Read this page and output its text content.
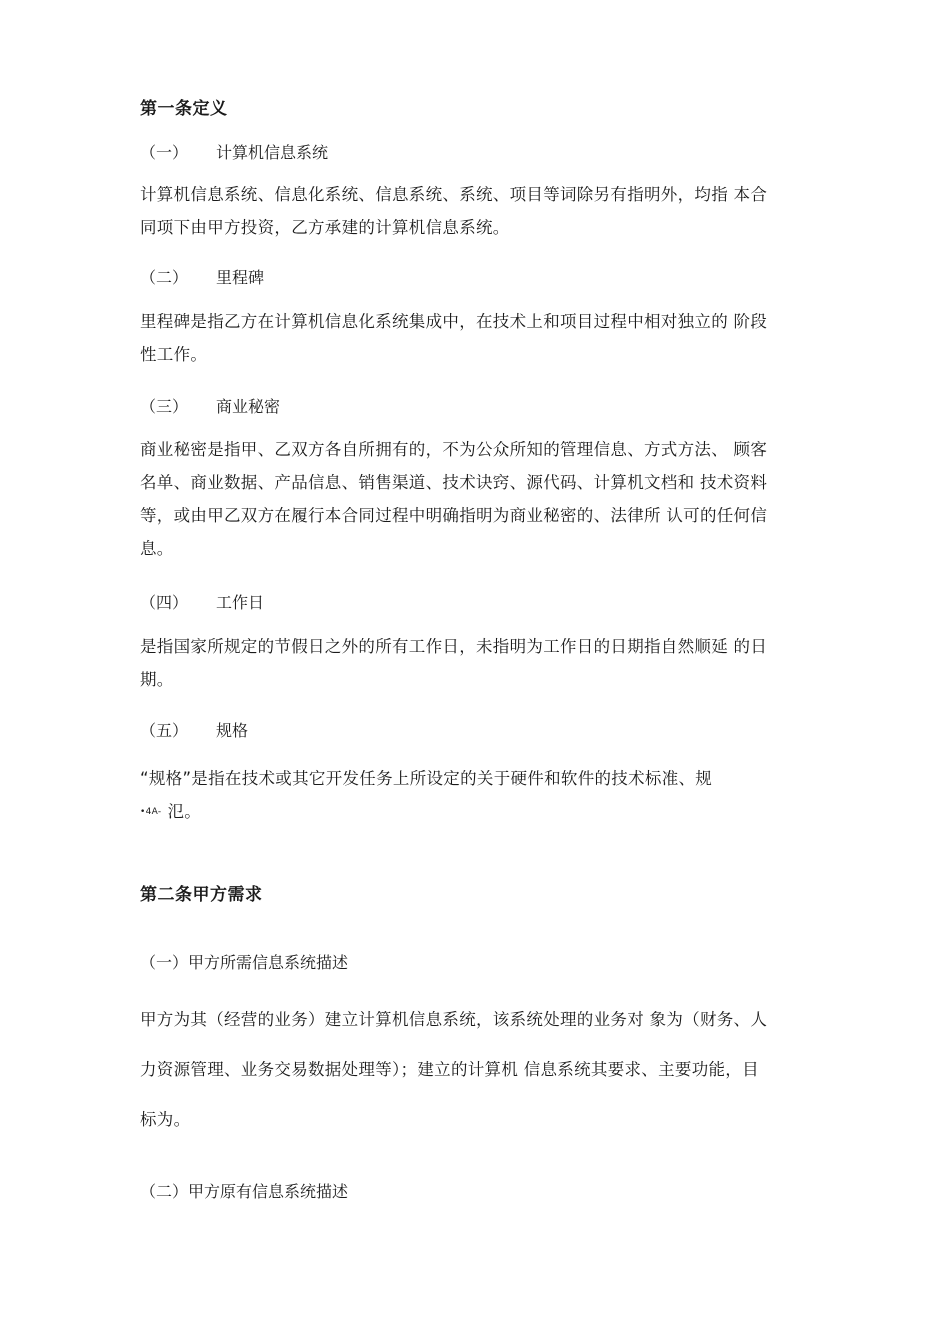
第一条定义
（一） 计算机信息系统
计算机信息系统、信息化系统、信息系统、系统、项目等词除另有指明外，均指 本合
同项下由甲方投资，乙方承建的计算机信息系统。
（二） 里程碑
里程碑是指乙方在计算机信息化系统集成中，在技术上和项目过程中相对独立的 阶段
性工作。
（三） 商业秘密
商业秘密是指甲、乙双方各自所拥有的，不为公众所知的管理信息、方式方法、 顾客
名单、商业数据、产品信息、销售渠道、技术诀窍、源代码、计算机文档和 技术资料
等，或由甲乙双方在履行本合同过程中明确指明为商业秘密的、法律所 认可的任何信
息。
（四） 工作日
是指国家所规定的节假日之外的所有工作日，未指明为工作日的日期指自然顺延 的日
期。
（五） 规格
“规格”是指在技术或其它开发任务上所设定的关于硬件和软件的技术标准、规
•4A- 氾。
第二条甲方需求
（一）甲方所需信息系统描述
甲方为其（经营的业务）建立计算机信息系统，该系统处理的业务对 象为（财务、人
力资源管理、业务交易数据处理等）；建立的计算机 信息系统其要求、主要功能，目
标为。
（二）甲方原有信息系统描述
